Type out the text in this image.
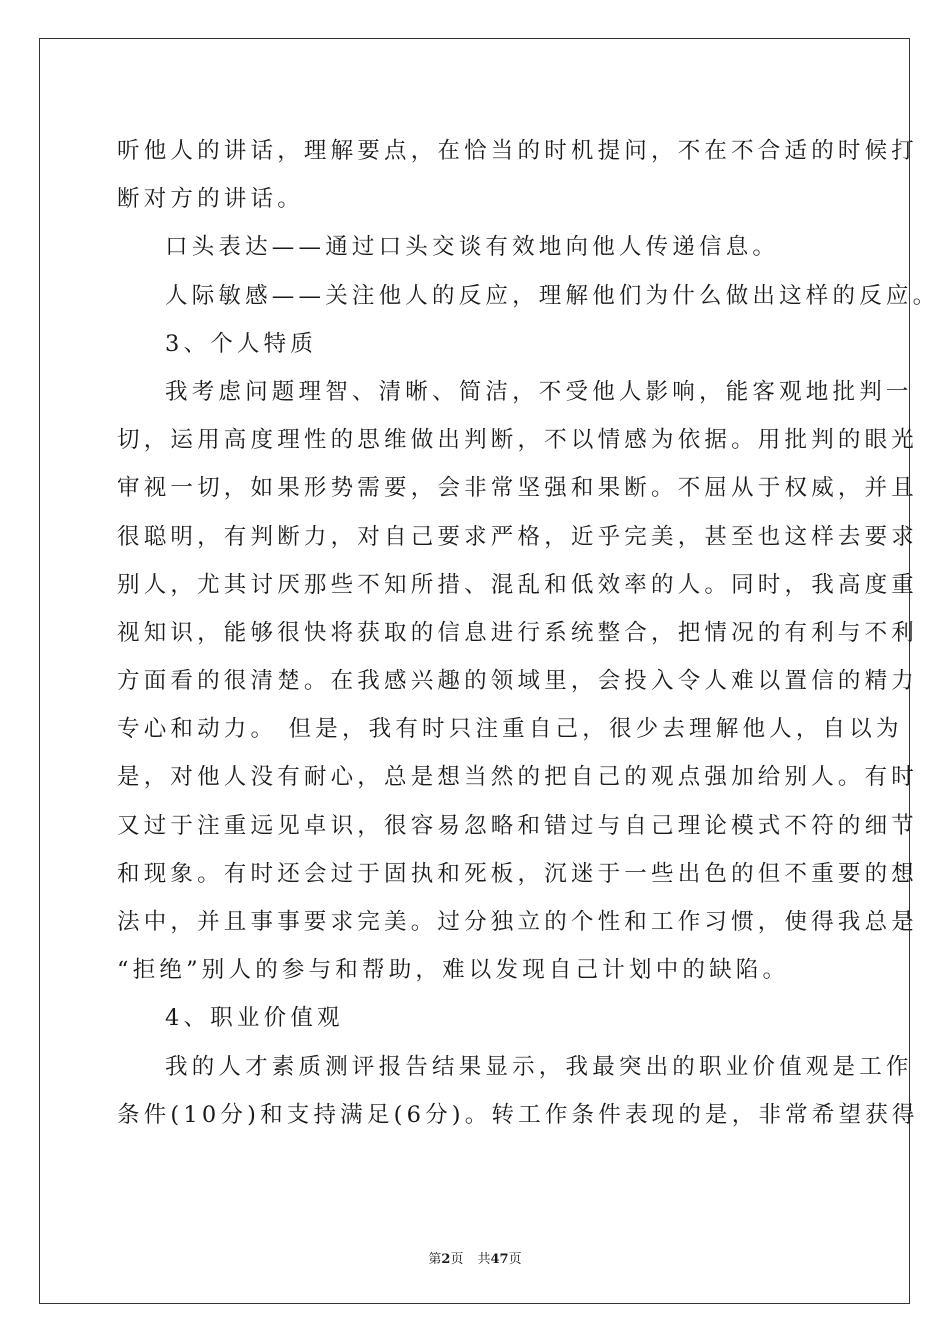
听他人的讲话，理解要点，在恰当的时机提问，不在不合适的时候打
断对方的讲话。
口头表达——通过口头交谈有效地向他人传递信息。
人际敏感——关注他人的反应，理解他们为什么做出这样的反应。
3、个人特质
我考虑问题理智、清晰、简洁，不受他人影响，能客观地批判一
切，运用高度理性的思维做出判断，不以情感为依据。用批判的眼光
审视一切，如果形势需要，会非常坚强和果断。不屈从于权威，并且
很聪明，有判断力，对自己要求严格，近乎完美，甚至也这样去要求
别人，尤其讨厌那些不知所措、混乱和低效率的人。同时，我高度重
视知识，能够很快将获取的信息进行系统整合，把情况的有利与不利
方面看的很清楚。在我感兴趣的领域里，会投入令人难以置信的精力
专心和动力。 但是，我有时只注重自己，很少去理解他人，自以为
是，对他人没有耐心，总是想当然的把自己的观点强加给别人。有时
又过于注重远见卓识，很容易忽略和错过与自己理论模式不符的细节
和现象。有时还会过于固执和死板，沉迷于一些出色的但不重要的想
法中，并且事事要求完美。过分独立的个性和工作习惯，使得我总是
“拒绝”别人的参与和帮助，难以发现自己计划中的缺陷。
4、职业价值观
我的人才素质测评报告结果显示，我最突出的职业价值观是工作
条件(10分)和支持满足(6分)。转工作条件表现的是，非常希望获得
第2页 共47页
